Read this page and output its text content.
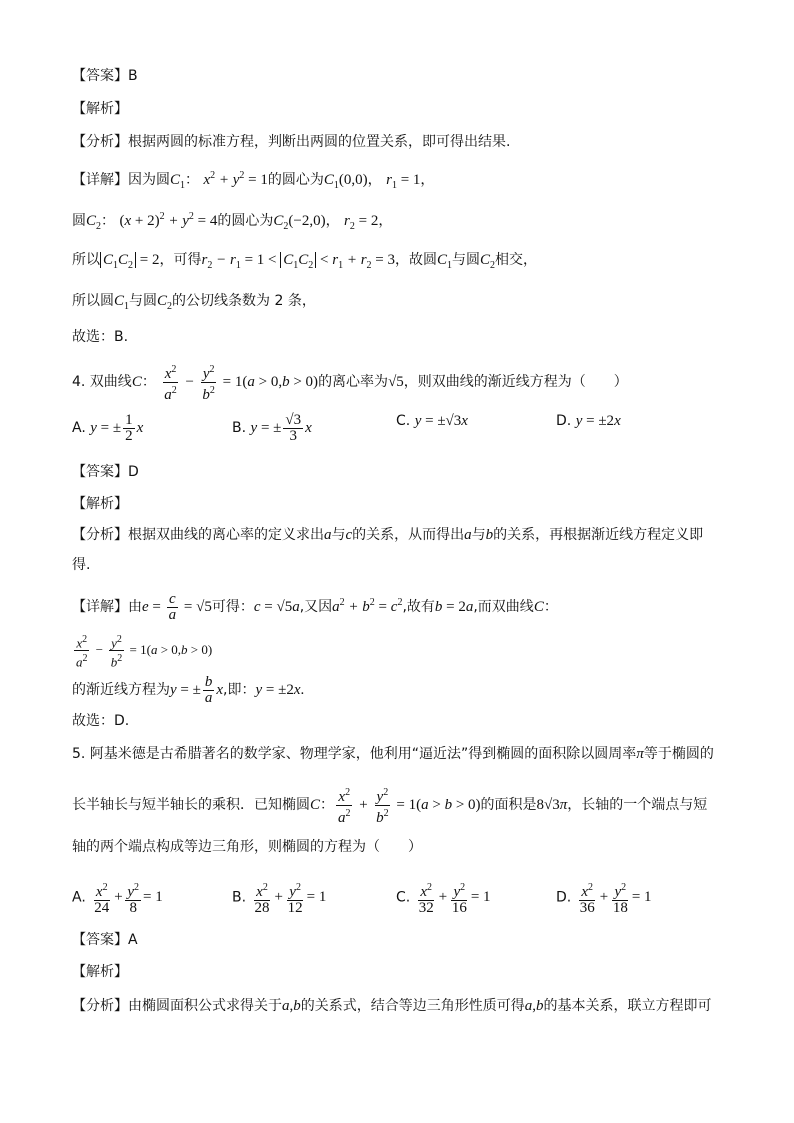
【答案】B
【解析】
【分析】根据两圆的标准方程，判断出两圆的位置关系，即可得出结果.
【详解】因为圆$C_1$： $x^2 + y^2 = 1$的圆心为$C_1(0,0)$， $r_1 = 1$，
圆$C_2$： $(x + 2)^2 + y^2 = 4$的圆心为$C_2(-2,0)$， $r_2 = 2$，
所以 $C_1C_2 = 2$，可得$r_2 - r_1 = 1 < C_1C_2 < r_1 + r_2 = 3$，故圆$C_1$与圆$C_2$相交，
所以圆$C_1$与圆$C_2$的公切线条数为 2 条，
故选：B.
4. 双曲线C： $\frac{x^2}{a^2} - \frac{y^2}{b^2} = 1(a > 0,b > 0)$的离心率为√5，则双曲线的渐近线方程为（　　）
A. y = ± $\frac{1}{2}$ x	B. y = ± $\frac{√3}{3}$ x	C. y = ±√3x	D. y = ±2x
【答案】D
【解析】
【分析】根据双曲线的离心率的定义求出a与c的关系，从而得出a与b的关系，再根据渐近线方程定义即
得.
【详解】由$e = \frac{c}{a} = √5$可得：c = √5a,又因$a^2 + b^2 = c^2$,故有b = 2a,而双曲线C：
$\frac{x^2}{a^2} - \frac{y^2}{b^2} = 1(a > 0,b > 0)$
的渐近线方程为y = ± $\frac{b}{a} x$,即：y = ±2x.
故选：D.
5. 阿基米德是古希腊著名的数学家、物理学家，他利用“逼近法”得到椭圆的面积除以圆周率π等于椭圆的
长半轴长与短半轴长的乘积．已知椭圆C： $\frac{x^2}{a^2} + \frac{y^2}{b^2} = 1(a > b > 0)$的面积是8√3π，长轴的一个端点与短
轴的两个端点构成等边三角形，则椭圆的方程为（　　）
A. $\frac{x^2}{24} + \frac{y^2}{8} = 1$	B. $\frac{x^2}{28} + \frac{y^2}{12} = 1$	C. $\frac{x^2}{32} + \frac{y^2}{16} = 1$	D. $\frac{x^2}{36} + \frac{y^2}{18} = 1$
【答案】A
【解析】
【分析】由椭圆面积公式求得关于a,b的关系式，结合等边三角形性质可得a,b的基本关系，联立方程即可
